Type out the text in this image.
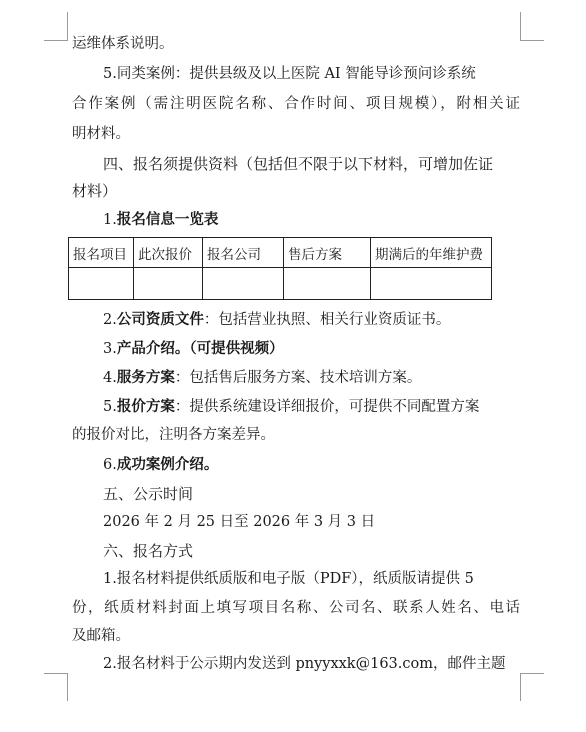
运维体系说明。
5.同类案例：提供县级及以上医院 AI 智能导诊预问诊系统
合作案例（需注明医院名称、合作时间、项目规模），附相关证
明材料。
四、报名须提供资料（包括但不限于以下材料，可增加佐证
材料）
1.报名信息一览表
报名项目	此次报价	报名公司	售后方案	期满后的年维护费

2.公司资质文件：包括营业执照、相关行业资质证书。
3.产品介绍。（可提供视频）
4.服务方案：包括售后服务方案、技术培训方案。
5.报价方案：提供系统建设详细报价，可提供不同配置方案
的报价对比，注明各方案差异。
6.成功案例介绍。
五、公示时间
2026 年 2 月 25 日至 2026 年 3 月 3 日
六、报名方式
1.报名材料提供纸质版和电子版（PDF），纸质版请提供 5
份，纸质材料封面上填写项目名称、公司名、联系人姓名、电话
及邮箱。
2.报名材料于公示期内发送到 pnyyxxk@163.com，邮件主题
